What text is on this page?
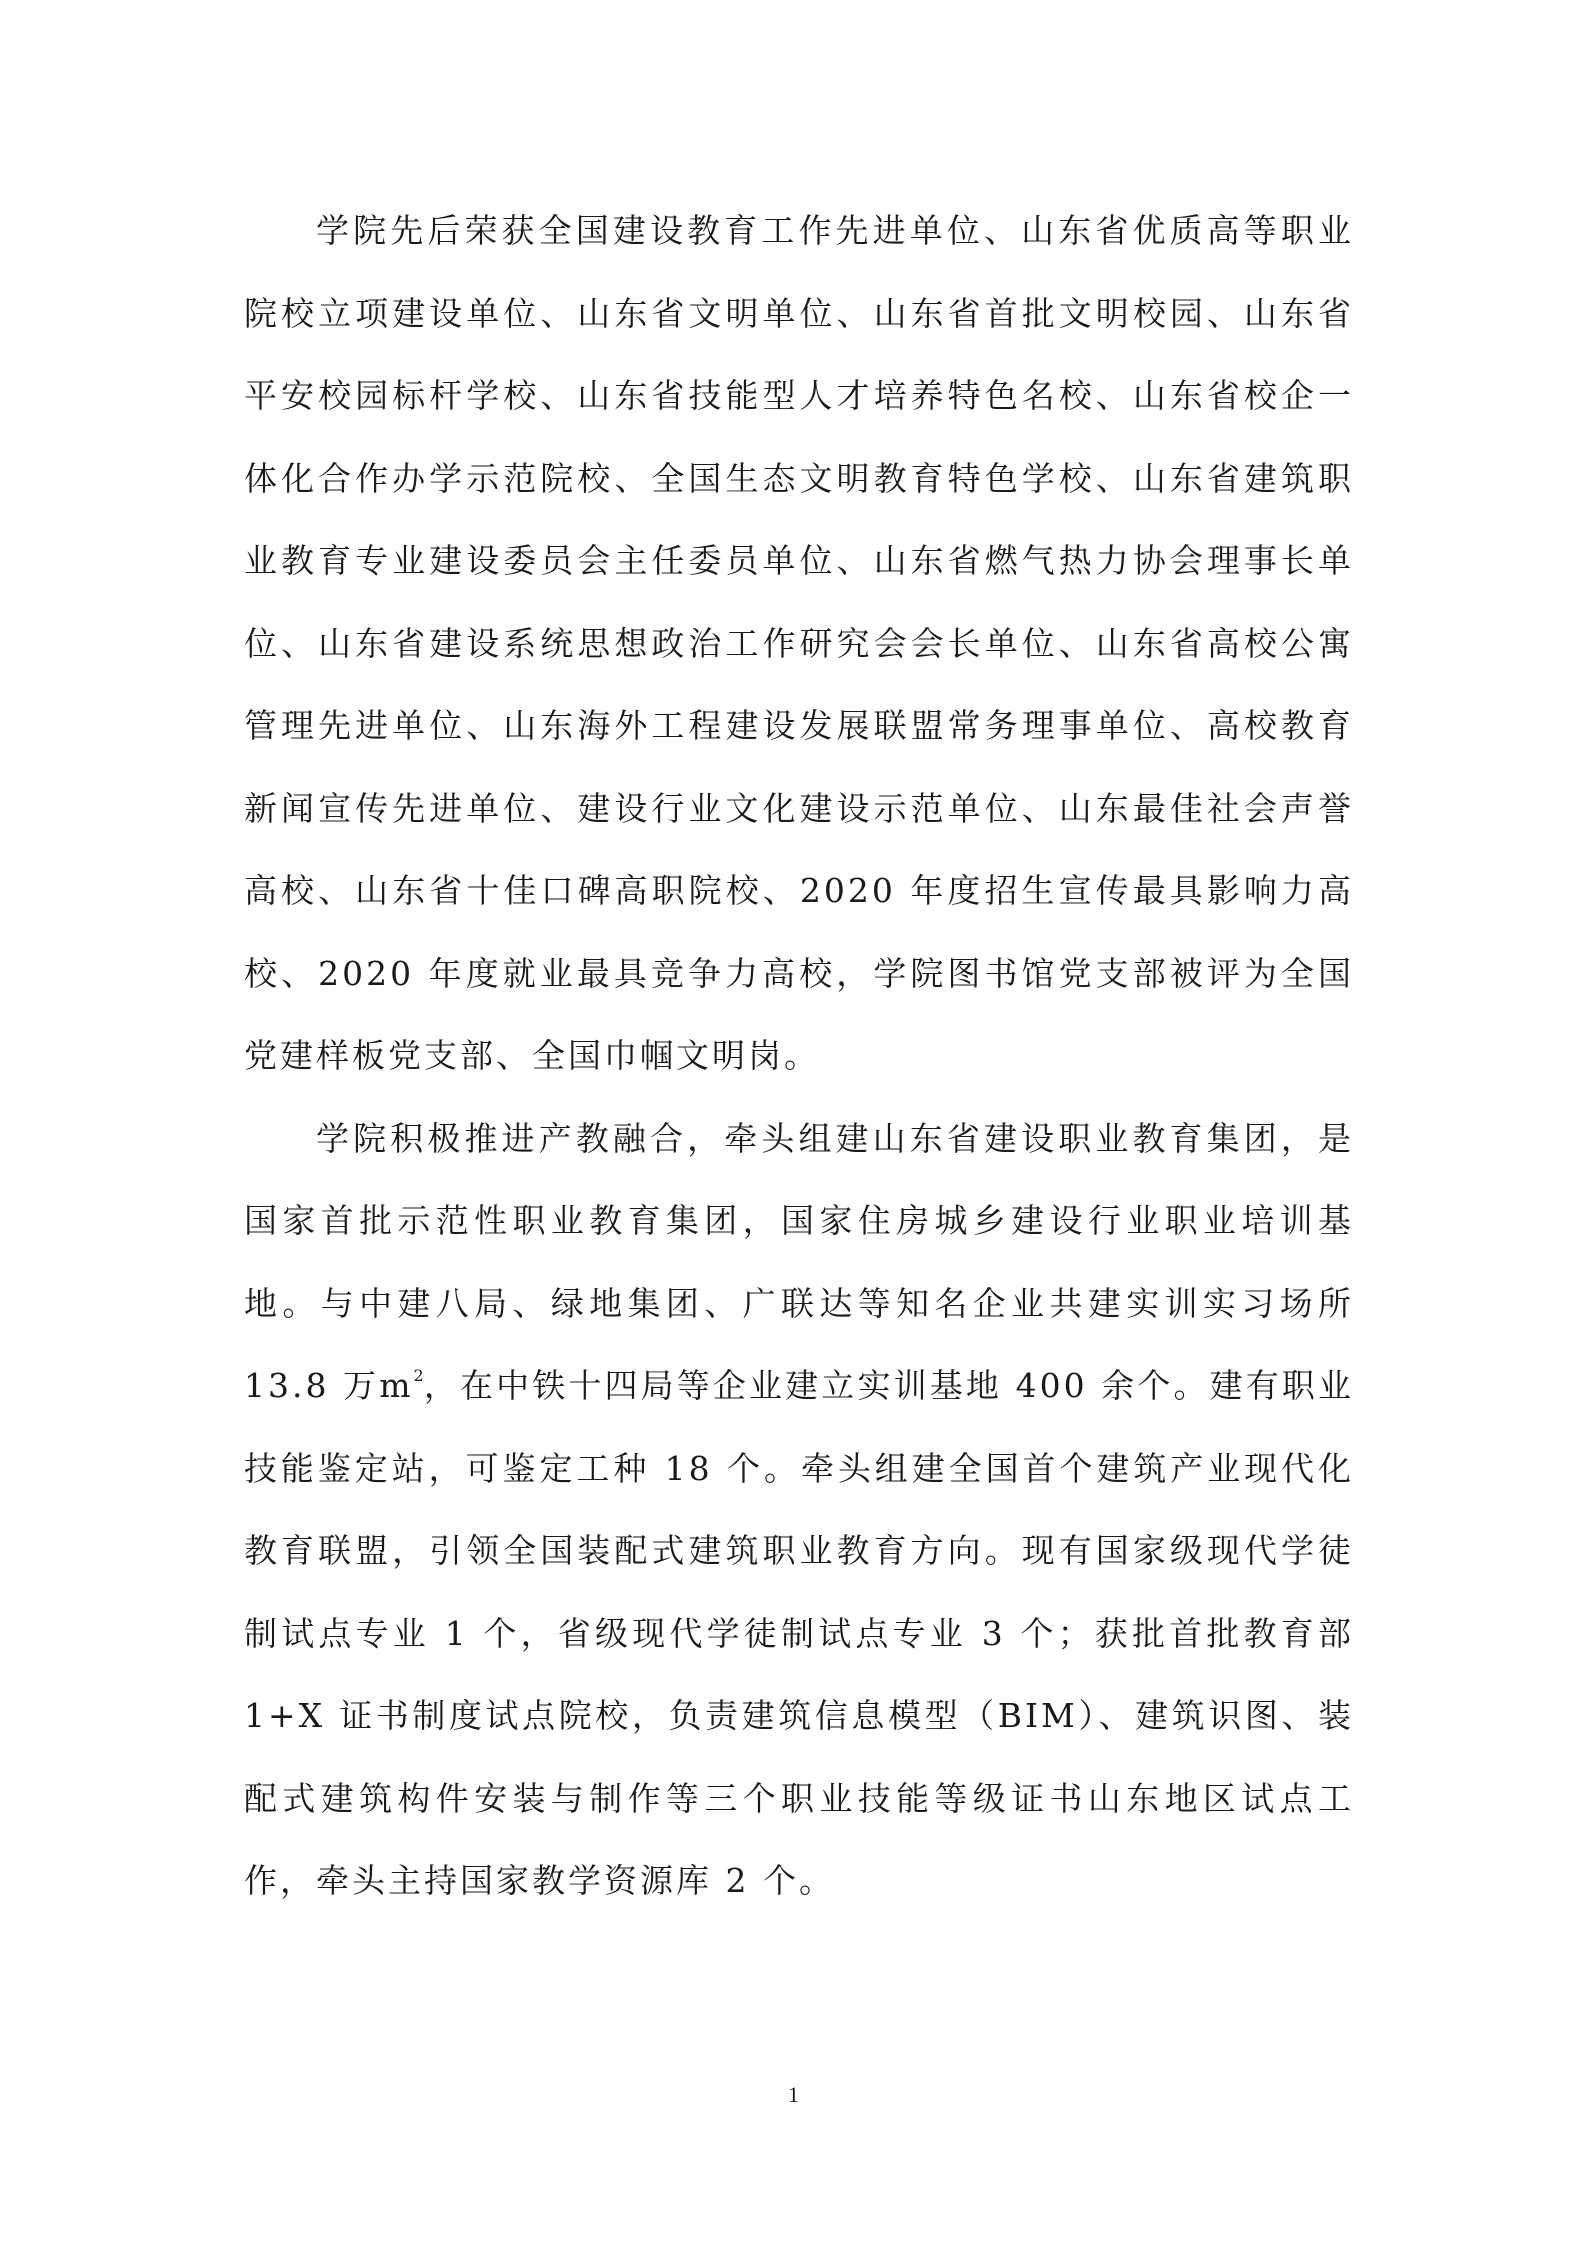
学院先后荣获全国建设教育工作先进单位、山东省优质高等职业院校立项建设单位、山东省文明单位、山东省首批文明校园、山东省平安校园标杆学校、山东省技能型人才培养特色名校、山东省校企一体化合作办学示范院校、全国生态文明教育特色学校、山东省建筑职业教育专业建设委员会主任委员单位、山东省燃气热力协会理事长单位、山东省建设系统思想政治工作研究会会长单位、山东省高校公寓管理先进单位、山东海外工程建设发展联盟常务理事单位、高校教育新闻宣传先进单位、建设行业文化建设示范单位、山东最佳社会声誉高校、山东省十佳口碑高职院校、2020 年度招生宣传最具影响力高校、2020 年度就业最具竞争力高校，学院图书馆党支部被评为全国党建样板党支部、全国巾帼文明岗。

学院积极推进产教融合，牵头组建山东省建设职业教育集团，是国家首批示范性职业教育集团，国家住房城乡建设行业职业培训基地。与中建八局、绿地集团、广联达等知名企业共建实训实习场所13.8 万$m^2$，在中铁十四局等企业建立实训基地 400 余个。建有职业技能鉴定站，可鉴定工种 18 个。牵头组建全国首个建筑产业现代化教育联盟，引领全国装配式建筑职业教育方向。现有国家级现代学徒制试点专业 1 个，省级现代学徒制试点专业 3 个；获批首批教育部 1+X 证书制度试点院校，负责建筑信息模型（BIM）、建筑识图、装配式建筑构件安装与制作等三个职业技能等级证书山东地区试点工作，牵头主持国家教学资源库 2 个。

1
